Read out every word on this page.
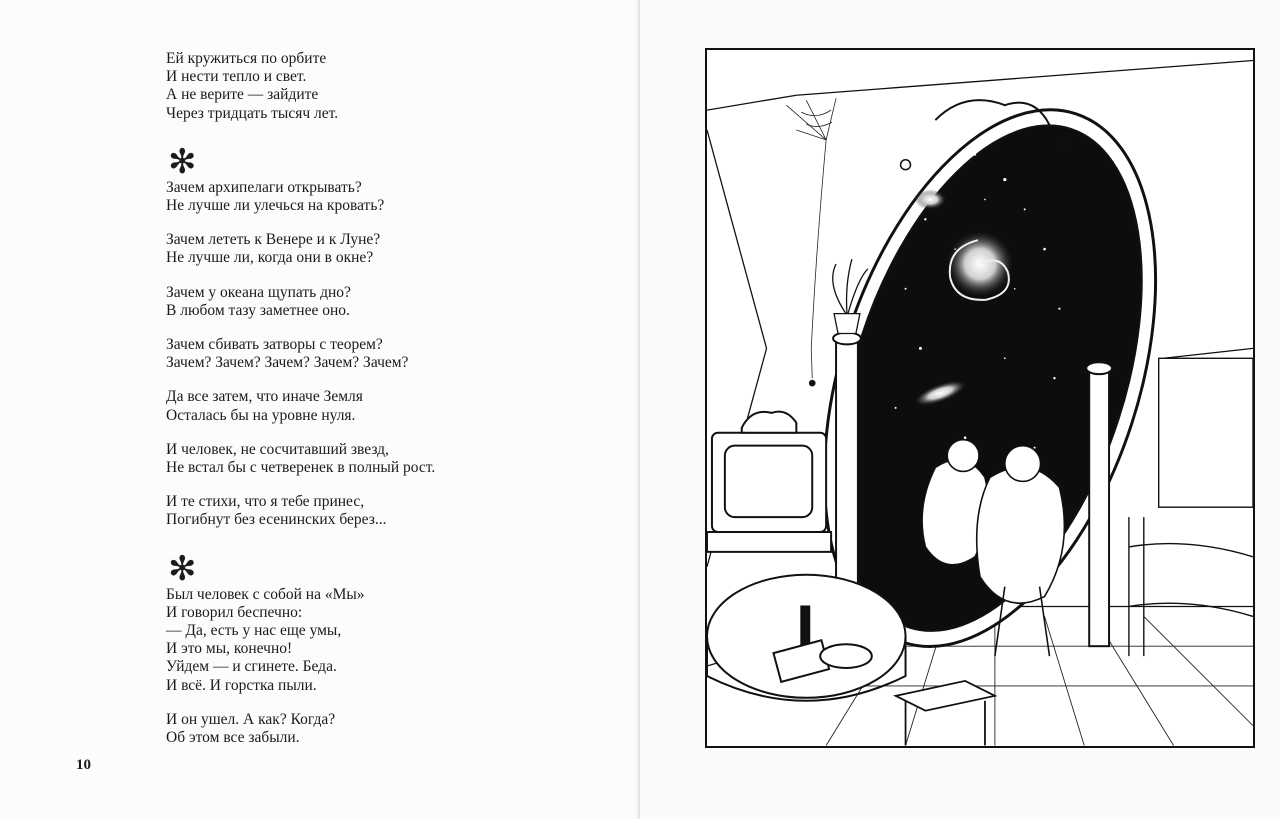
Ей кружиться по орбите
И нести тепло и свет.
А не верите — зайдите
Через тридцать тысяч лет.
✻
Зачем архипелаги открывать?
Не лучше ли улечься на кровать?
Зачем лететь к Венере и к Луне?
Не лучше ли, когда они в окне?
Зачем у океана щупать дно?
В любом тазу заметнее оно.
Зачем сбивать затворы с теорем?
Зачем? Зачем? Зачем? Зачем? Зачем?
Да все затем, что иначе Земля
Осталась бы на уровне нуля.
И человек, не сосчитавший звезд,
Не встал бы с четверенек в полный рост.
И те стихи, что я тебе принес,
Погибнут без есенинских берез...
✻
Был человек с собой на «Мы»
И говорил беспечно:
— Да, есть у нас еще умы,
И это мы, конечно!
Уйдем — и сгинете. Беда.
И всё. И горстка пыли.
И он ушел. А как? Когда?
Об этом все забыли.
10
